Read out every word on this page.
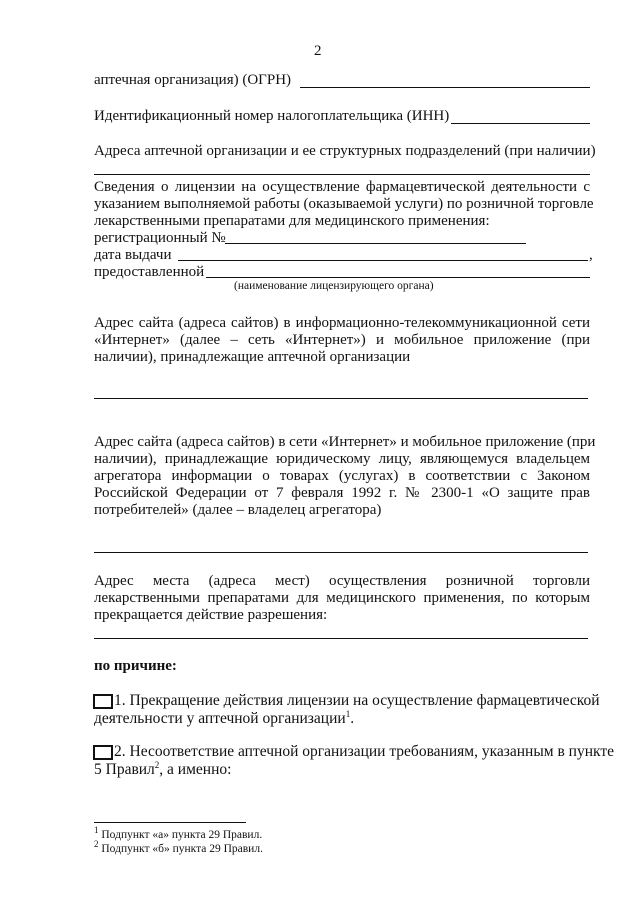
2
аптечная организация) (ОГРН)
Идентификационный номер налогоплательщика (ИНН)
Адреса аптечной организации и ее структурных подразделений (при наличии)
Сведения о лицензии на осуществление фармацевтической деятельности с
указанием выполняемой работы (оказываемой услуги) по розничной торговле
лекарственными препаратами для медицинского применения:
регистрационный №
дата выдачи	,
предоставленной
(наименование лицензирующего органа)
Адрес сайта (адреса сайтов) в информационно-телекоммуникационной сети
«Интернет» (далее – сеть «Интернет») и мобильное приложение (при
наличии), принадлежащие аптечной организации
Адрес сайта (адреса сайтов) в сети «Интернет» и мобильное приложение (при
наличии), принадлежащие юридическому лицу, являющемуся владельцем
агрегатора информации о товарах (услугах) в соответствии с Законом
Российской Федерации от 7 февраля 1992 г. № 2300-1 «О защите прав
потребителей» (далее – владелец агрегатора)
Адрес места (адреса мест) осуществления розничной торговли
лекарственными препаратами для медицинского применения, по которым
прекращается действие разрешения:
по причине:
1. Прекращение действия лицензии на осуществление фармацевтической
деятельности у аптечной организации$^1$.
2. Несоответствие аптечной организации требованиям, указанным в пункте
5 Правил$^2$, а именно:
$^1$ Подпункт «а» пункта 29 Правил.
$^2$ Подпункт «б» пункта 29 Правил.
